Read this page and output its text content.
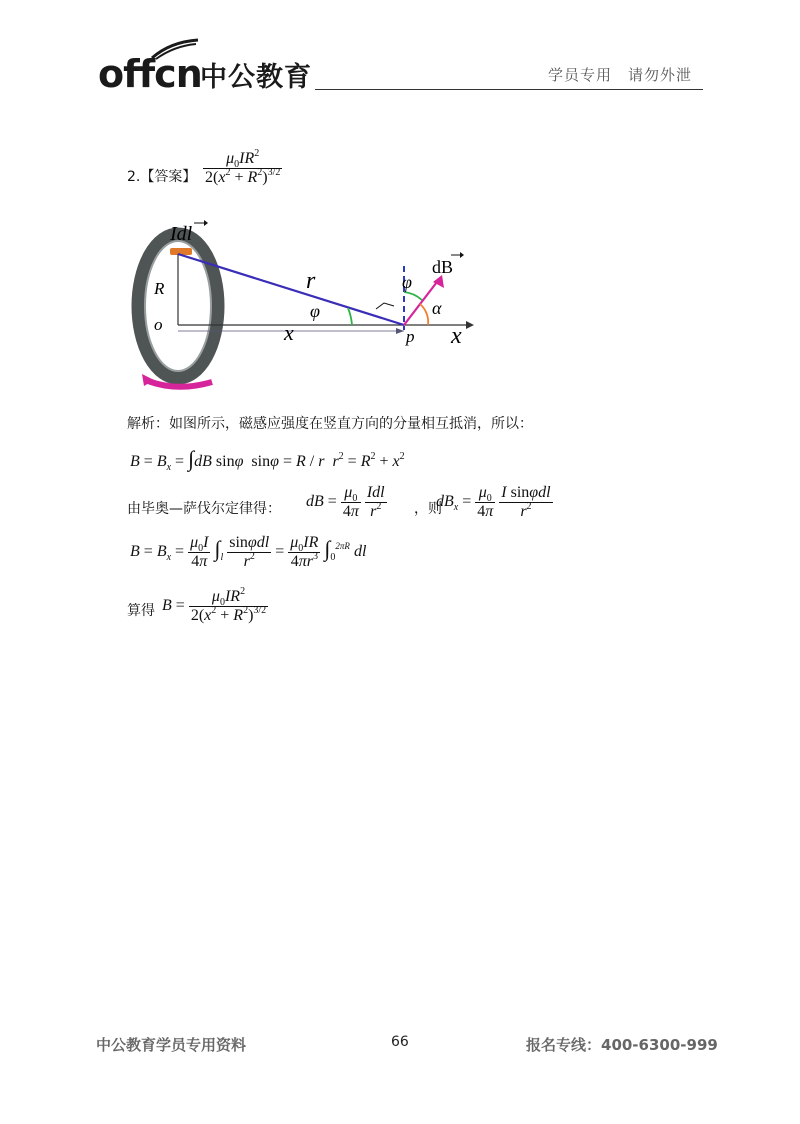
offcn
中公教育	学员专用　请勿外泄
2.【答案】 $\frac{\mu_0IR^2}{2(x^2 + R^2)^{3/2}}$
Idl
R
o
r
φ
x	p x
φ
α
dB
解析：如图所示，磁感应强度在竖直方向的分量相互抵消，所以：
$B = B_x = \int dB$ sinφ  sinφ = R / r  $r^2 = R^2 + x^2$
由毕奥—萨伐尔定律得： dB = $\frac{\mu_0}{4\pi}$
$\frac{\text{Idl}}{r^2}$ ，则
$dB_x = \frac{\mu_0}{4\pi}$
$\frac{\text{I sinφdl}}{r^2}$
$B = B_x = \frac{\mu_0I}{4\pi} \int_l \frac{\text{sinφdl}}{r^2} = \frac{\mu_0IR}{4\pi r^3} \int_0^{2\pi R}$ dl
算得 $B = \frac{\mu_0IR^2}{2(x^2 + R^2)^{3/2}}$
中公教育学员专用资料	66	报名专线：400-6300-999
